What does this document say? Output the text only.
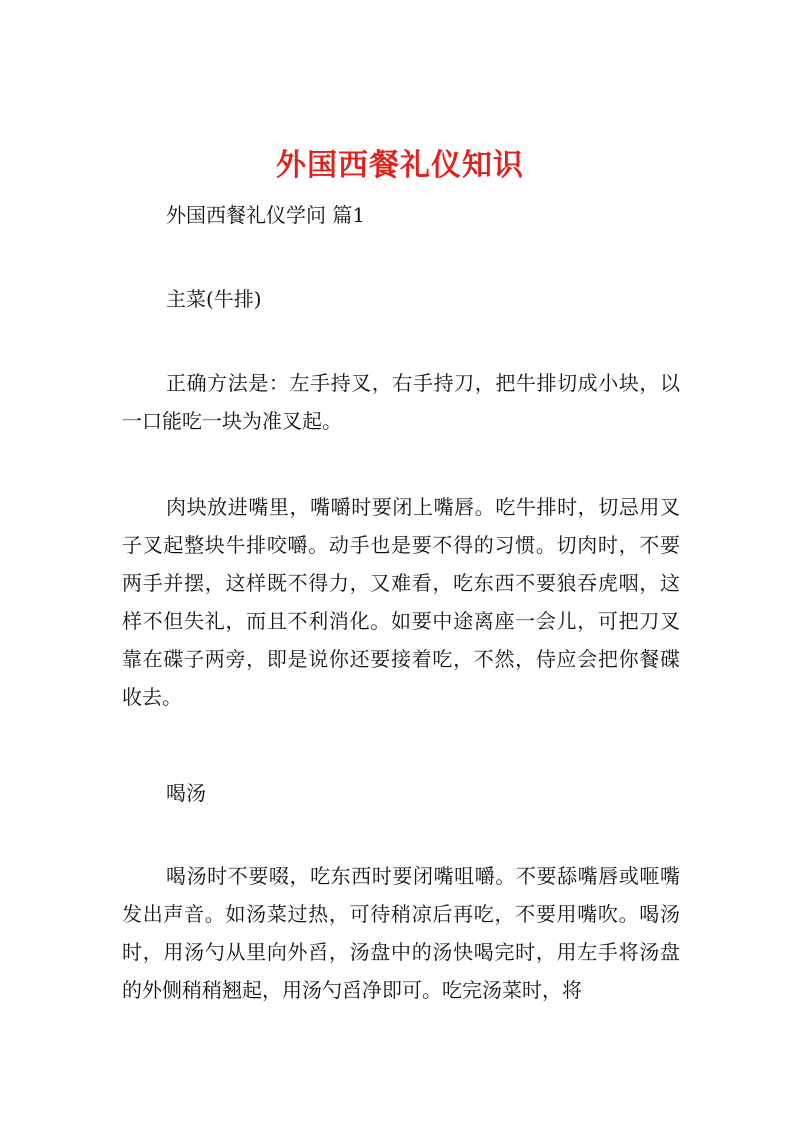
外国西餐礼仪知识

外国西餐礼仪学问 篇1

主菜(牛排)

正确方法是：左手持叉，右手持刀，把牛排切成小块，以一口能吃一块为准叉起。

肉块放进嘴里，嘴嚼时要闭上嘴唇。吃牛排时，切忌用叉子叉起整块牛排咬嚼。动手也是要不得的习惯。切肉时，不要两手并摆，这样既不得力，又难看，吃东西不要狼吞虎咽，这样不但失礼，而且不利消化。如要中途离座一会儿，可把刀叉靠在碟子两旁，即是说你还要接着吃，不然，侍应会把你餐碟收去。

喝汤

喝汤时不要啜，吃东西时要闭嘴咀嚼。不要舔嘴唇或咂嘴发出声音。如汤菜过热，可待稍凉后再吃，不要用嘴吹。喝汤时，用汤勺从里向外舀，汤盘中的汤快喝完时，用左手将汤盘的外侧稍稍翘起，用汤勺舀净即可。吃完汤菜时，将
